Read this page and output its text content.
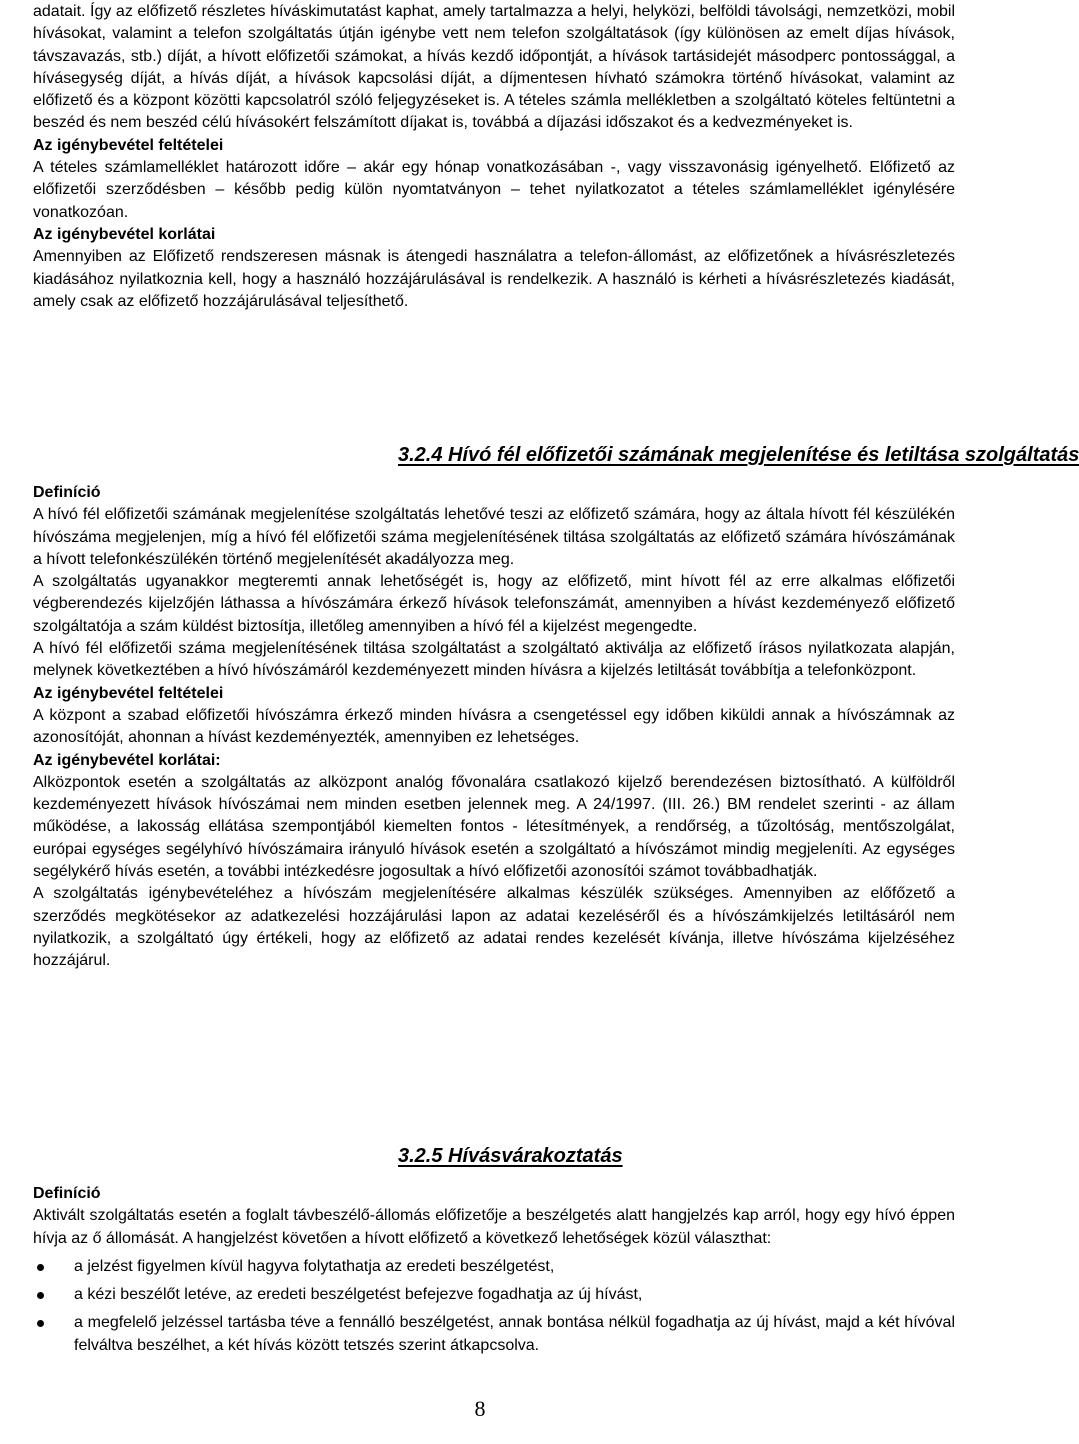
adatait. Így az előfizető részletes híváskimutatást kaphat, amely tartalmazza a helyi, helyközi, belföldi távolsági, nemzetközi, mobil hívásokat, valamint a telefon szolgáltatás útján igénybe vett nem telefon szolgáltatások (így különösen az emelt díjas hívások, távszavazás, stb.) díját, a hívott előfizetői számokat, a hívás kezdő időpontját, a hívások tartásidejét másodperc pontossággal, a hívásegység díját, a hívás díját, a hívások kapcsolási díját, a díjmentesen hívható számokra történő hívásokat, valamint az előfizető és a központ közötti kapcsolatról szóló feljegyzéseket is. A tételes számla mellékletben a szolgáltató köteles feltüntetni a beszéd és nem beszéd célú hívásokért felszámított díjakat is, továbbá a díjazási időszakot és a kedvezményeket is.

Az igénybevétel feltételei

A tételes számlamelléklet határozott időre – akár egy hónap vonatkozásában -, vagy visszavonásig igényelhető. Előfizető az előfizetői szerződésben – később pedig külön nyomtatványon – tehet nyilatkozatot a tételes számlamelléklet igénylésére vonatkozóan.

Az igénybevétel korlátai

Amennyiben az Előfizető rendszeresen másnak is átengedi használatra a telefon-állomást, az előfizetőnek a hívásrészletezés kiadásához nyilatkoznia kell, hogy a használó hozzájárulásával is rendelkezik. A használó is kérheti a hívásrészletezés kiadását, amely csak az előfizető hozzájárulásával teljesíthető.

3.2.4 Hívó fél előfizetői számának megjelenítése és letiltása szolgáltatás

Definíció

A hívó fél előfizetői számának megjelenítése szolgáltatás lehetővé teszi az előfizető számára, hogy az általa hívott fél készülékén hívószáma megjelenjen, míg a hívó fél előfizetői száma megjelenítésének tiltása szolgáltatás az előfizető számára hívószámának a hívott telefonkészülékén történő megjelenítését akadályozza meg.

A szolgáltatás ugyanakkor megteremti annak lehetőségét is, hogy az előfizető, mint hívott fél az erre alkalmas előfizetői végberendezés kijelzőjén láthassa a hívószámára érkező hívások telefonszámát, amennyiben a hívást kezdeményező előfizető szolgáltatója a szám küldést biztosítja, illetőleg amennyiben a hívó fél a kijelzést megengedte.

A hívó fél előfizetői száma megjelenítésének tiltása szolgáltatást a szolgáltató aktiválja az előfizető írásos nyilatkozata alapján, melynek következtében a hívó hívószámáról kezdeményezett minden hívásra a kijelzés letiltását továbbítja a telefonközpont.

Az igénybevétel feltételei

A központ a szabad előfizetői hívószámra érkező minden hívásra a csengetéssel egy időben kiküldi annak a hívószámnak az azonosítóját, ahonnan a hívást kezdeményezték, amennyiben ez lehetséges.

Az igénybevétel korlátai:

Alközpontok esetén a szolgáltatás az alközpont analóg fővonalára csatlakozó kijelző berendezésen biztosítható. A külföldről kezdeményezett hívások hívószámai nem minden esetben jelennek meg. A 24/1997. (III. 26.) BM rendelet szerinti - az állam működése, a lakosság ellátása szempontjából kiemelten fontos - létesítmények, a rendőrség, a tűzoltóság, mentőszolgálat, európai egységes segélyhívó hívószámaira irányuló hívások esetén a szolgáltató a hívószámot mindig megjeleníti. Az egységes segélykérő hívás esetén, a további intézkedésre jogosultak a hívó előfizetői azonosítói számot továbbadhatják.

A szolgáltatás igénybevételéhez a hívószám megjelenítésére alkalmas készülék szükséges. Amennyiben az előfőzető a szerződés megkötésekor az adatkezelési hozzájárulási lapon az adatai kezeléséről és a hívószámkijelzés letiltásáról nem nyilatkozik, a szolgáltató úgy értékeli, hogy az előfizető az adatai rendes kezelését kívánja, illetve hívószáma kijelzéséhez hozzájárul.

3.2.5 Hívásvárakoztatás

Definíció

Aktivált szolgáltatás esetén a foglalt távbeszélő-állomás előfizetője a beszélgetés alatt hangjelzés kap arról, hogy egy hívó éppen hívja az ő állomását. A hangjelzést követően a hívott előfizető a következő lehetőségek közül választhat:

a jelzést figyelmen kívül hagyva folytathatja az eredeti beszélgetést,
a kézi beszélőt letéve, az eredeti beszélgetést befejezve fogadhatja az új hívást,
a megfelelő jelzéssel tartásba téve a fennálló beszélgetést, annak bontása nélkül fogadhatja az új hívást, majd a két hívóval felváltva beszélhet, a két hívás között tetszés szerint átkapcsolva.
8
